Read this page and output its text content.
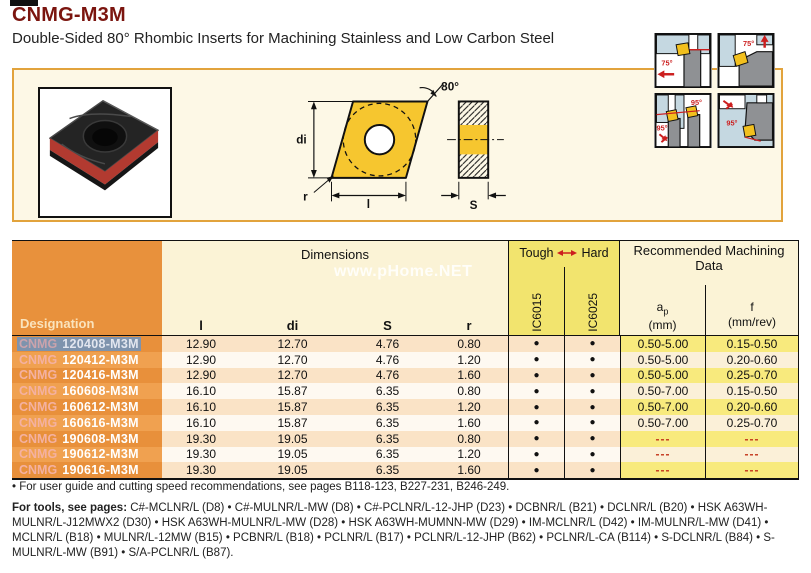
CNMG-M3M
Double-Sided 80° Rhombic Inserts for Machining Stainless and Low Carbon Steel
80°
di
l
r
S
75°
75°
95°
95°
95°
www.pHome.NET
Designation
Dimensions
l	di	S	r
Tough Hard
IC6015	IC6025
Recommended Machining Data
$a_p$
(mm)
f
(mm/rev)
CNMG 120408-M3M	12.90	12.70	4.76	0.80	●	●	0.50-5.00	0.15-0.50
CNMG 120412-M3M	12.90	12.70	4.76	1.20	●	●	0.50-5.00	0.20-0.60
CNMG 120416-M3M	12.90	12.70	4.76	1.60	●	●	0.50-5.00	0.25-0.70
CNMG 160608-M3M	16.10	15.87	6.35	0.80	●	●	0.50-7.00	0.15-0.50
CNMG 160612-M3M	16.10	15.87	6.35	1.20	●	●	0.50-7.00	0.20-0.60
CNMG 160616-M3M	16.10	15.87	6.35	1.60	●	●	0.50-7.00	0.25-0.70
CNMG 190608-M3M	19.30	19.05	6.35	0.80	●	●	---	---
CNMG 190612-M3M	19.30	19.05	6.35	1.20	●	●	---	---
CNMG 190616-M3M	19.30	19.05	6.35	1.60	●	●	---	---
• For user guide and cutting speed recommendations, see pages B118-123, B227-231, B246-249.
For tools, see pages: C#-MCLNR/L (D8) • C#-MULNR/L-MW (D8) • C#-PCLNR/L-12-JHP (D23) • DCBNR/L (B21) • DCLNR/L (B20) • HSK A63WH-MULNR/L-J12MWX2 (D30) • HSK A63WH-MULNR/L-MW (D28) • HSK A63WH-MUMNN-MW (D29) • IM-MCLNR/L (D42) • IM-MULNR/L-MW (D41) • MCLNR/L (B18) • MULNR/L-12MW (B15) • PCBNR/L (B18) • PCLNR/L (B17) • PCLNR/L-12-JHP (B62) • PCLNR/L-CA (B114) • S-DCLNR/L (B84) • S-MULNR/L-MW (B91) • S/A-PCLNR/L (B87).
